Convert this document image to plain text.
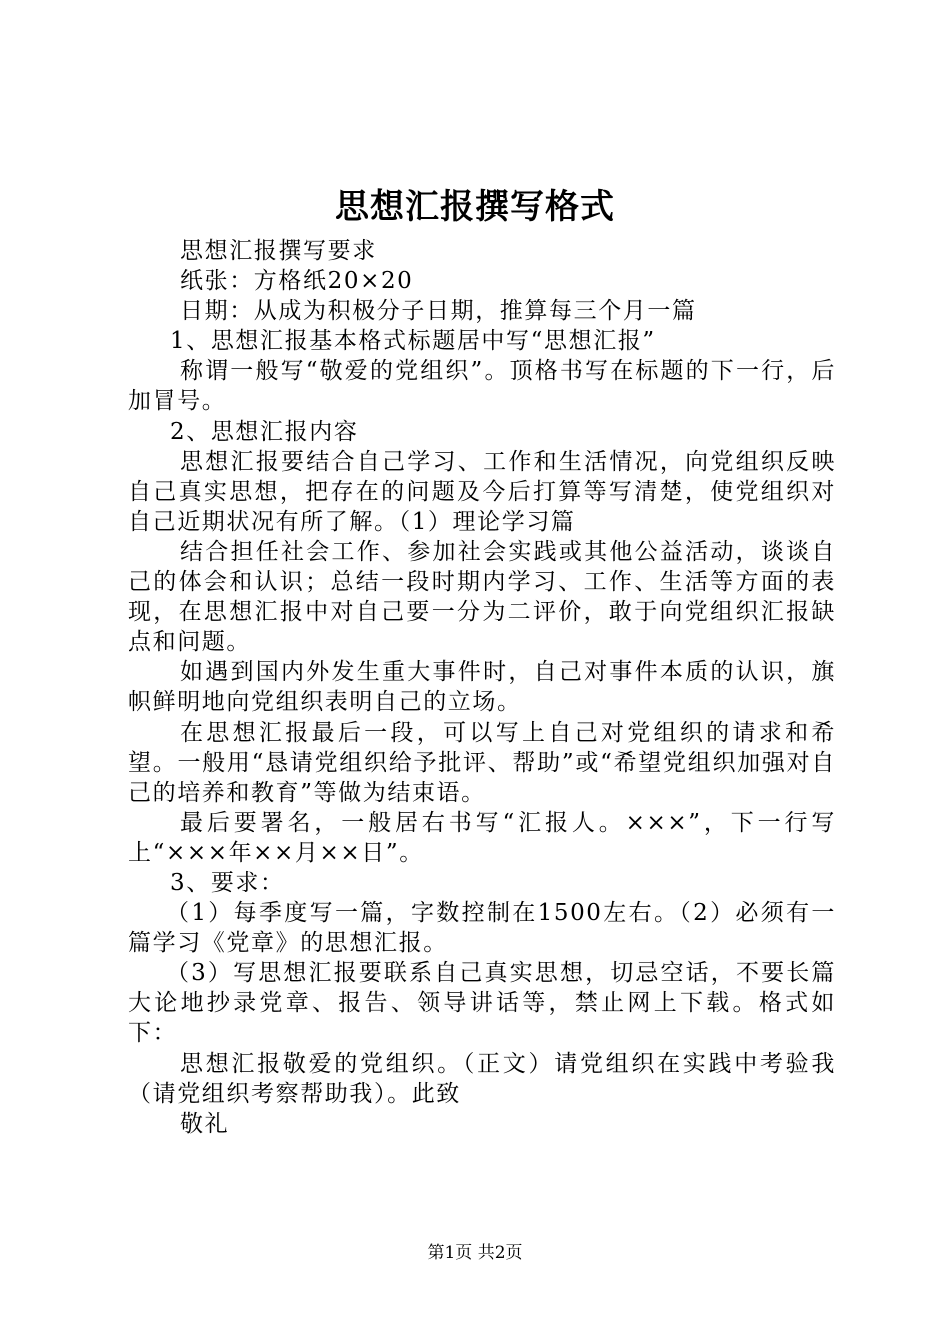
思想汇报撰写格式

思想汇报撰写要求

纸张：方格纸20×20

日期：从成为积极分子日期，推算每三个月一篇

1、思想汇报基本格式标题居中写“思想汇报”

称谓一般写“敬爱的党组织”。顶格书写在标题的下一行，后加冒号。

2、思想汇报内容

思想汇报要结合自己学习、工作和生活情况，向党组织反映自己真实思想，把存在的问题及今后打算等写清楚，使党组织对自己近期状况有所了解。（1）理论学习篇

结合担任社会工作、参加社会实践或其他公益活动，谈谈自己的体会和认识；总结一段时期内学习、工作、生活等方面的表现，在思想汇报中对自己要一分为二评价，敢于向党组织汇报缺点和问题。

如遇到国内外发生重大事件时，自己对事件本质的认识，旗帜鲜明地向党组织表明自己的立场。

在思想汇报最后一段，可以写上自己对党组织的请求和希望。一般用“恳请党组织给予批评、帮助”或“希望党组织加强对自己的培养和教育”等做为结束语。

最后要署名，一般居右书写“汇报人。×××”，下一行写上“×××年××月××日”。

3、要求：

（1）每季度写一篇，字数控制在1500左右。（2）必须有一篇学习《党章》的思想汇报。

（3）写思想汇报要联系自己真实思想，切忌空话，不要长篇大论地抄录党章、报告、领导讲话等，禁止网上下载。格式如下：

思想汇报敬爱的党组织。（正文）请党组织在实践中考验我（请党组织考察帮助我）。此致

敬礼

第1页 共2页
